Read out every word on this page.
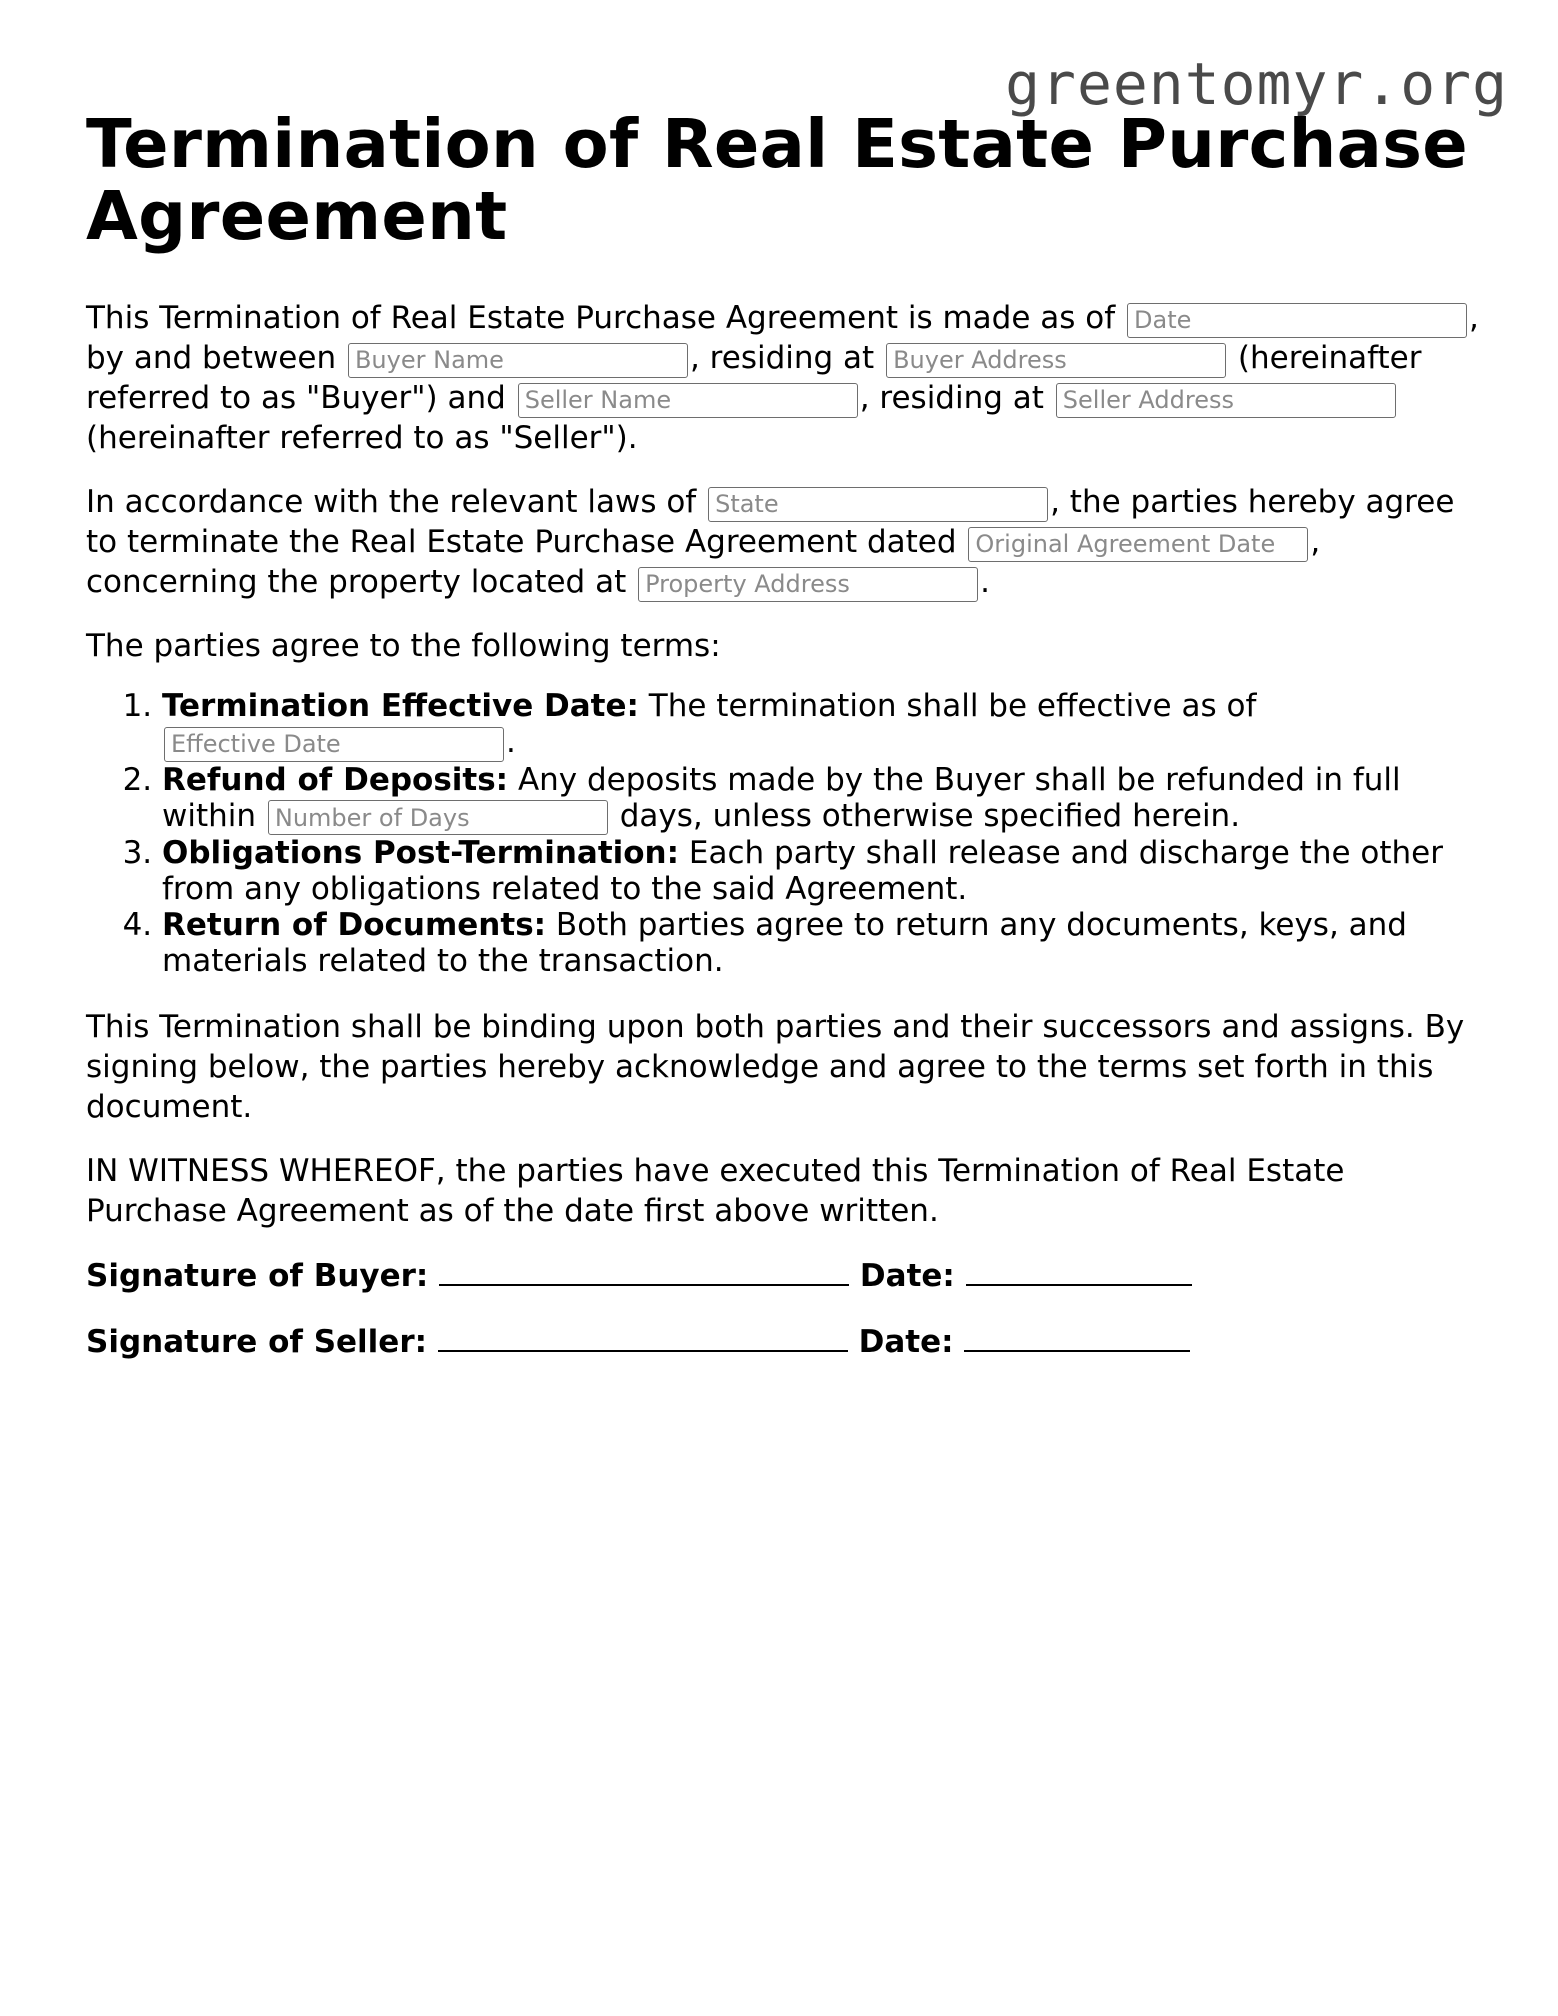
greentomyr.org
Termination of Real Estate Purchase Agreement

This Termination of Real Estate Purchase Agreement is made as of Date	, by and between Buyer Name	, residing at Buyer Address	(hereinafter referred to as "Buyer") and Seller Name	, residing at Seller Address (hereinafter referred to as "Seller").

In accordance with the relevant laws of State	, the parties hereby agree to terminate the Real Estate Purchase Agreement dated Original Agreement Date	, concerning the property located at Property Address	.

The parties agree to the following terms:

1. Termination Effective Date: The termination shall be effective as of Effective Date.
2. Refund of Deposits: Any deposits made by the Buyer shall be refunded in full within Number of Days	days, unless otherwise specified herein.
3. Obligations Post-Termination: Each party shall release and discharge the other from any obligations related to the said Agreement.
4. Return of Documents: Both parties agree to return any documents, keys, and materials related to the transaction.

This Termination shall be binding upon both parties and their successors and assigns. By signing below, the parties hereby acknowledge and agree to the terms set forth in this document.

IN WITNESS WHEREOF, the parties have executed this Termination of Real Estate Purchase Agreement as of the date first above written.

Signature of Buyer:	Date:
Signature of Seller:	Date:
